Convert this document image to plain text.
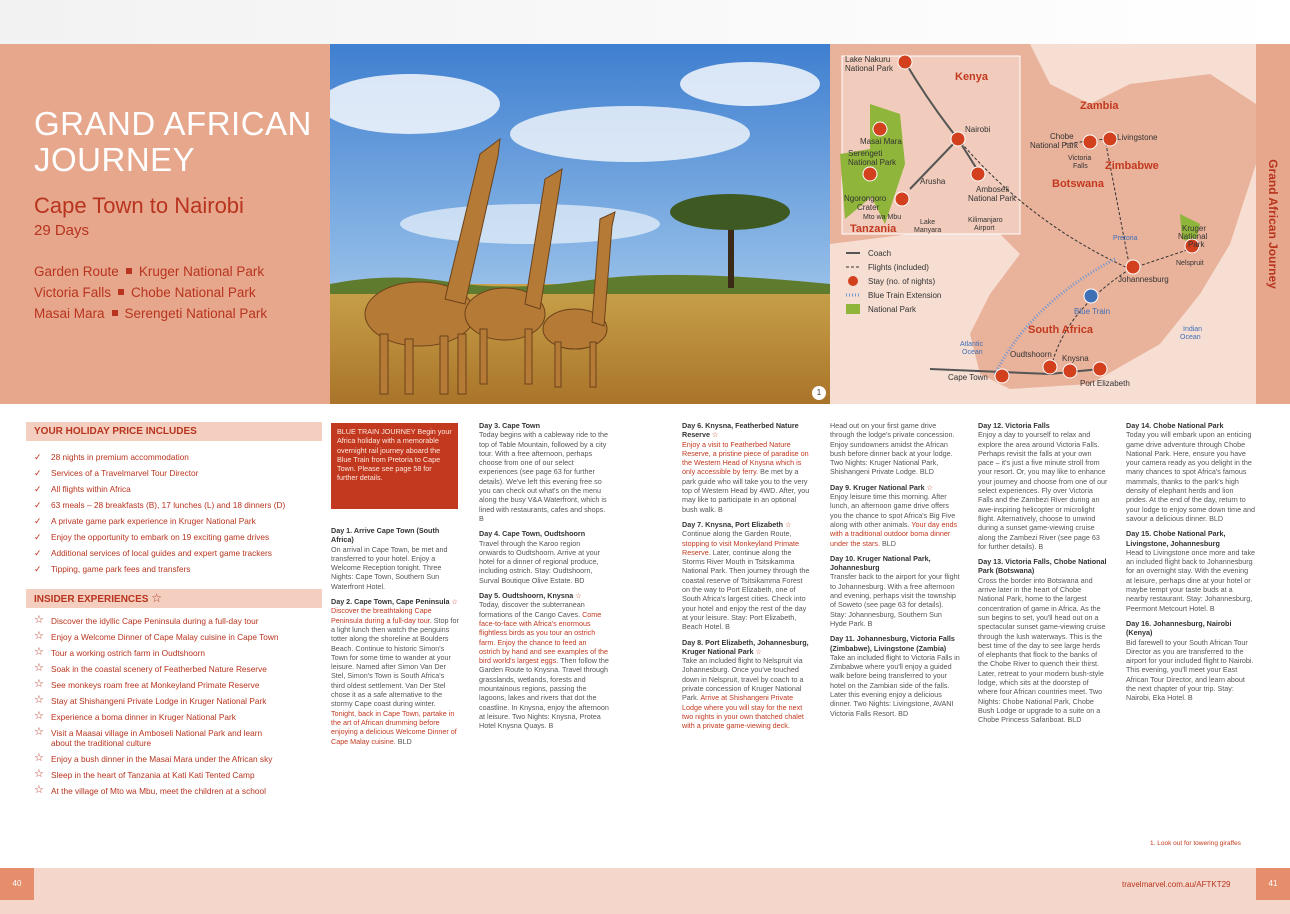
GRAND AFRICAN
JOURNEY
Cape Town to Nairobi
29 Days
Garden Route Kruger National Park
Victoria Falls Chobe National Park
Masai Mara Serengeti National Park
1
Lake Nakuru
National Park
Masai Mara
Serengeti
National Park
Ngorongoro
Crater
Mto wa Mbu
Arusha
Nairobi
Amboseli
National Park
Lake
Manyara
Kilimanjaro
Airport
Chobe
National Park
Victoria
Falls
Livingstone
Kruger
National
Park
Nelspruit
Pretoria
Johannesburg
Blue Train
Cape Town
Oudtshoorn Knysna
Port Elizabeth
Kenya
Zambia
Zimbabwe
Botswana
Tanzania
South Africa
Atlantic
Ocean
Indian
Ocean
Coach
Flights (included)
Stay (no. of nights)
Blue Train Extension
National Park
Grand African Journey
YOUR HOLIDAY PRICE INCLUDES
✓ 28 nights in premium accommodation
✓ Services of a Travelmarvel Tour Director
✓ All flights within Africa
✓ 63 meals – 28 breakfasts (B), 17 lunches (L) and 18 dinners (D)
✓ A private game park experience in Kruger National Park
✓ Enjoy the opportunity to embark on 19 exciting game drives
✓ Additional services of local guides and expert game trackers
✓ Tipping, game park fees and transfers
INSIDER EXPERIENCES ☆
☆ Discover the idyllic Cape Peninsula during a full-day tour
☆ Enjoy a Welcome Dinner of Cape Malay cuisine in Cape Town
☆ Tour a working ostrich farm in Oudtshoorn
☆ Soak in the coastal scenery of Featherbed Nature Reserve
☆ See monkeys roam free at Monkeyland Primate Reserve
☆ Stay at Shishangeni Private Lodge in Kruger National Park
☆ Experience a boma dinner in Kruger National Park
☆ Visit a Maasai village in Amboseli National Park and learn about the traditional culture
☆ Enjoy a bush dinner in the Masai Mara under the African sky
☆ Sleep in the heart of Tanzania at Kati Kati Tented Camp
☆ At the village of Mto wa Mbu, meet the children at a school
BLUE TRAIN JOURNEY Begin your Africa holiday with a memorable overnight rail journey aboard the Blue Train from Pretoria to Cape Town. Please see page 58 for further details.

Day 1. Arrive Cape Town (South Africa)
On arrival in Cape Town, be met and transferred to your hotel. Enjoy a Welcome Reception tonight. Three Nights: Cape Town, Southern Sun Waterfront Hotel.

Day 2. Cape Town, Cape Peninsula ☆
Discover the breathtaking Cape Peninsula during a full-day tour. Stop for a light lunch then watch the penguins totter along the shoreline at Boulders Beach. Continue to historic Simon's Town for some time to wander at your leisure. Named after Simon Van Der Stel, Simon's Town is South Africa's third oldest settlement. Van Der Stel chose it as a safe alternative to the stormy Cape coast during winter. Tonight, back in Cape Town, partake in the art of African drumming before enjoying a delicious Welcome Dinner of Cape Malay cuisine. BLD

Day 3. Cape Town
Today begins with a cableway ride to the top of Table Mountain, followed by a city tour. With a free afternoon, perhaps choose from one of our select experiences (see page 63 for further details). We've left this evening free so you can check out what's on the menu along the busy V&A Waterfront, which is lined with restaurants, cafes and shops. B

Day 4. Cape Town, Oudtshoorn
Travel through the Karoo region onwards to Oudtshoorn. Arrive at your hotel for a dinner of regional produce, including ostrich. Stay: Oudtshoorn, Surval Boutique Olive Estate. BD

Day 5. Oudtshoorn, Knysna ☆
Today, discover the subterranean formations of the Cango Caves. Come face-to-face with Africa's enormous flightless birds as you tour an ostrich farm. Enjoy the chance to feed an ostrich by hand and see examples of the bird world's largest eggs. Then follow the Garden Route to Knysna. Travel through grasslands, wetlands, forests and mountainous regions, passing the lagoons, lakes and rivers that dot the coastline. In Knysna, enjoy the afternoon at leisure. Two Nights: Knysna, Protea Hotel Knysna Quays. B

Day 6. Knysna, Featherbed Nature Reserve ☆
Enjoy a visit to Featherbed Nature Reserve, a pristine piece of paradise on the Western Head of Knysna which is only accessible by ferry. Be met by a park guide who will take you to the very top of Western Head by 4WD. After, you may like to participate in an optional bush walk. B

Day 7. Knysna, Port Elizabeth ☆
Continue along the Garden Route, stopping to visit Monkeyland Primate Reserve. Later, continue along the Storms River Mouth in Tsitsikamma National Park. Then journey through the coastal reserve of Tsitsikamma Forest on the way to Port Elizabeth, one of South Africa's largest cities. Check into your hotel and enjoy the rest of the day at your leisure. Stay: Port Elizabeth, Beach Hotel. B

Day 8. Port Elizabeth, Johannesburg, Kruger National Park ☆
Take an included flight to Nelspruit via Johannesburg. Once you've touched down in Nelspruit, travel by coach to a private concession of Kruger National Park. Arrive at Shishangeni Private Lodge where you will stay for the next two nights in your own thatched chalet with a private game-viewing deck.

Head out on your first game drive through the lodge's private concession. Enjoy sundowners amidst the African bush before dinner back at your lodge. Two Nights: Kruger National Park, Shishangeni Private Lodge. BLD

Day 9. Kruger National Park ☆
Enjoy leisure time this morning. After lunch, an afternoon game drive offers you the chance to spot Africa's Big Five along with other animals. Your day ends with a traditional outdoor boma dinner under the stars. BLD

Day 10. Kruger National Park, Johannesburg
Transfer back to the airport for your flight to Johannesburg. With a free afternoon and evening, perhaps visit the township of Soweto (see page 63 for details). Stay: Johannesburg, Southern Sun Hyde Park. B

Day 11. Johannesburg, Victoria Falls (Zimbabwe), Livingstone (Zambia)
Take an included flight to Victoria Falls in Zimbabwe where you'll enjoy a guided walk before being transferred to your hotel on the Zambian side of the falls. Later this evening enjoy a delicious dinner. Two Nights: Livingstone, AVANI Victoria Falls Resort. BD

Day 12. Victoria Falls
Enjoy a day to yourself to relax and explore the area around Victoria Falls. Perhaps revisit the falls at your own pace – it's just a five minute stroll from your resort. Or, you may like to enhance your journey and choose from one of our select experiences. Fly over Victoria Falls and the Zambezi River during an awe-inspiring helicopter or microlight flight. Alternatively, choose to unwind during a sunset game-viewing cruise along the Zambezi River (see page 63 for further details). B

Day 13. Victoria Falls, Chobe National Park (Botswana)
Cross the border into Botswana and arrive later in the heart of Chobe National Park, home to the largest concentration of game in Africa. As the sun begins to set, you'll head out on a spectacular sunset game-viewing cruise through the lush waterways. This is the best time of the day to see large herds of elephants that flock to the banks of the Chobe River to quench their thirst. Later, retreat to your modern bush-style lodge, which sits at the doorstep of where four African countries meet. Two Nights: Chobe National Park, Chobe Bush Lodge or upgrade to a suite on a Chobe Princess Safariboat. BLD

Day 14. Chobe National Park
Today you will embark upon an enticing game drive adventure through Chobe National Park. Here, ensure you have your camera ready as you delight in the many chances to spot Africa's famous mammals, thanks to the park's high density of elephant herds and lion prides. At the end of the day, return to your lodge to enjoy some down time and savour a delicious dinner. BLD

Day 15. Chobe National Park, Livingstone, Johannesburg
Head to Livingstone once more and take an included flight back to Johannesburg for an overnight stay. With the evening at leisure, perhaps dine at your hotel or maybe tempt your taste buds at a nearby restaurant. Stay: Johannesburg, Peermont Metcourt Hotel. B

Day 16. Johannesburg, Nairobi (Kenya)
Bid farewell to your South African Tour Director as you are transferred to the airport for your included flight to Nairobi. This evening, you'll meet your East African Tour Director, and learn about the next chapter of your trip. Stay: Nairobi, Eka Hotel. B

1. Look out for towering giraffes
40	41
travelmarvel.com.au/AFTKT29
